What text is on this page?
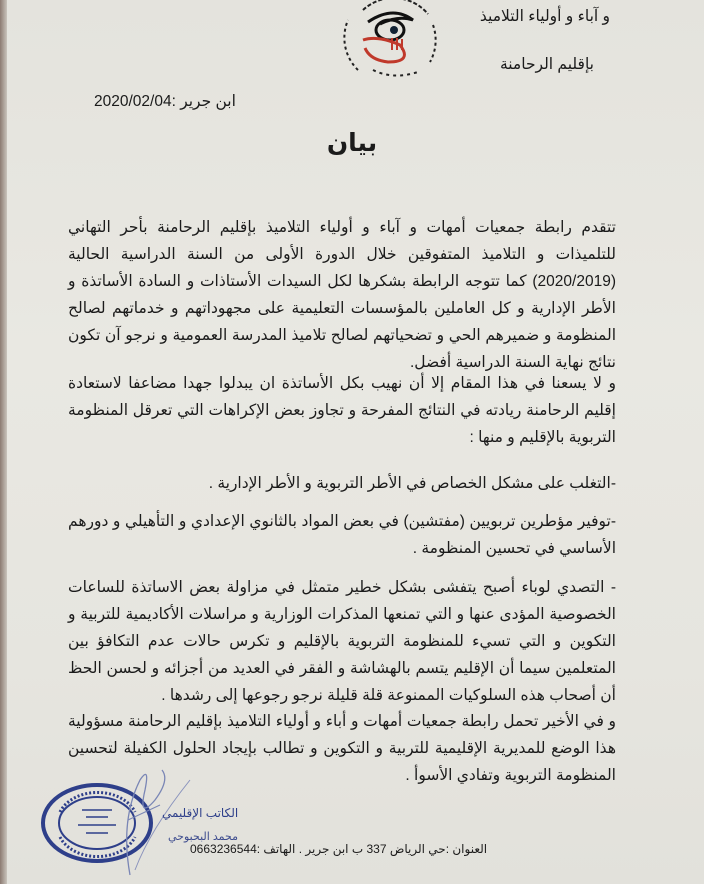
و آباء و أولياء التلاميذ
بإقليم الرحامنة
ابن جرير :2020/02/04
بيان
تتقدم رابطة جمعيات أمهات و آباء و أولياء التلاميذ بإقليم الرحامنة بأحر التهاني للتلميذات و التلاميذ المتفوقين خلال الدورة الأولى من السنة الدراسية الحالية (2020/2019) كما تتوجه الرابطة بشكرها لكل السيدات الأستاذات و السادة الأساتذة و الأطر الإدارية و كل العاملين بالمؤسسات التعليمية على مجهوداتهم و خدماتهم لصالح المنظومة و ضميرهم الحي و تضحياتهم لصالح تلاميذ المدرسة العمومية و نرجو آن تكون نتائج نهاية السنة الدراسية أفضل.
و لا يسعنا في هذا المقام إلا أن نهيب بكل الأساتذة ان يبدلوا جهدا مضاعفا لاستعادة إقليم الرحامنة ريادته في النتائج المفرحة و تجاوز بعض الإكراهات التي تعرقل المنظومة التربوية بالإقليم و منها :
-التغلب على مشكل الخصاص في الأطر التربوية و الأطر الإدارية .
-توفير مؤطرين تربويين (مفتشين) في بعض المواد بالثانوي الإعدادي و التأهيلي و دورهم الأساسي في تحسين المنظومة .
- التصدي لوباء أصبح يتفشى بشكل خطير متمثل في مزاولة بعض الاساتذة للساعات الخصوصية المؤدى عنها و التي تمنعها المذكرات الوزارية و مراسلات الأكاديمية للتربية و التكوين و التي تسيء للمنظومة التربوية بالإقليم و تكرس حالات عدم التكافؤ بين المتعلمين سيما أن الإقليم يتسم بالهشاشة و الفقر في العديد من أجزائه و لحسن الحظ أن أصحاب هذه السلوكيات الممنوعة قلة قليلة نرجو رجوعها إلى رشدها .
و في الأخير تحمل رابطة جمعيات أمهات و أباء و أولياء التلاميذ بإقليم الرحامنة مسؤولية هذا الوضع للمديرية الإقليمية للتربية و التكوين و تطالب بإيجاد الحلول الكفيلة لتحسين المنظومة التربوية وتفادي الأسوأ .
الكاتب الإقليمي
محمد البحبوحي
العنوان :حي الرياض 337 ب ابن جرير . الهاتف :0663236544
